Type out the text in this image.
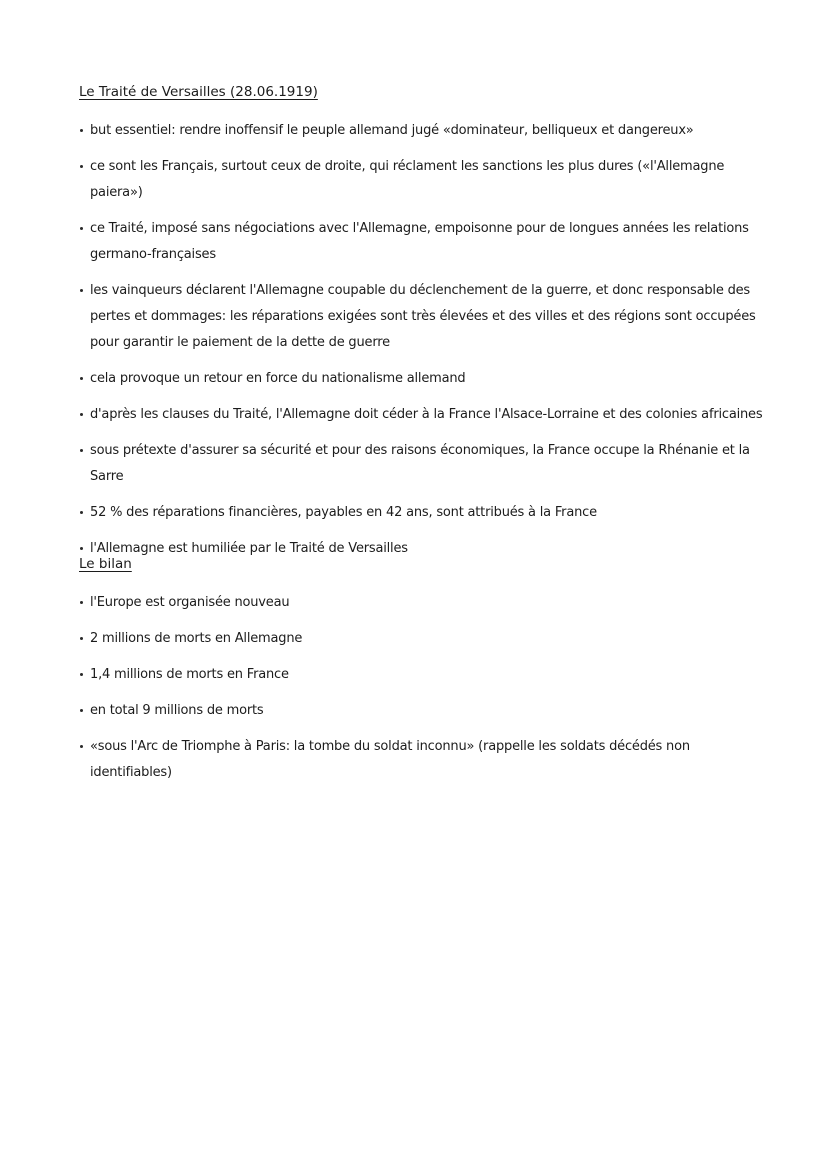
Le Traité de Versailles (28.06.1919)
but essentiel: rendre inoffensif le peuple allemand jugé «dominateur, belliqueux et dangereux»
ce sont les Français, surtout ceux de droite, qui réclament les sanctions les plus dures («l'Allemagne paiera»)
ce Traité, imposé sans négociations avec l'Allemagne, empoisonne pour de longues années les relations germano-françaises
les vainqueurs déclarent l'Allemagne coupable du déclenchement de la guerre, et donc responsable des pertes et dommages: les réparations exigées sont très élevées et des villes et des régions sont occupées pour garantir le paiement de la dette de guerre
cela provoque un retour en force du nationalisme allemand
d'après les clauses du Traité, l'Allemagne doit céder à la France l'Alsace-Lorraine et des colonies africaines
sous prétexte d'assurer sa sécurité et pour des raisons économiques, la France occupe la Rhénanie et la Sarre
52 % des réparations financières, payables en 42 ans, sont attribués à la France
l'Allemagne est humiliée par le Traité de Versailles
Le bilan
l'Europe est organisée nouveau
2 millions de morts en Allemagne
1,4 millions de morts en France
en total 9 millions de morts
«sous l'Arc de Triomphe à Paris: la tombe du soldat inconnu» (rappelle les soldats décédés non identifiables)
